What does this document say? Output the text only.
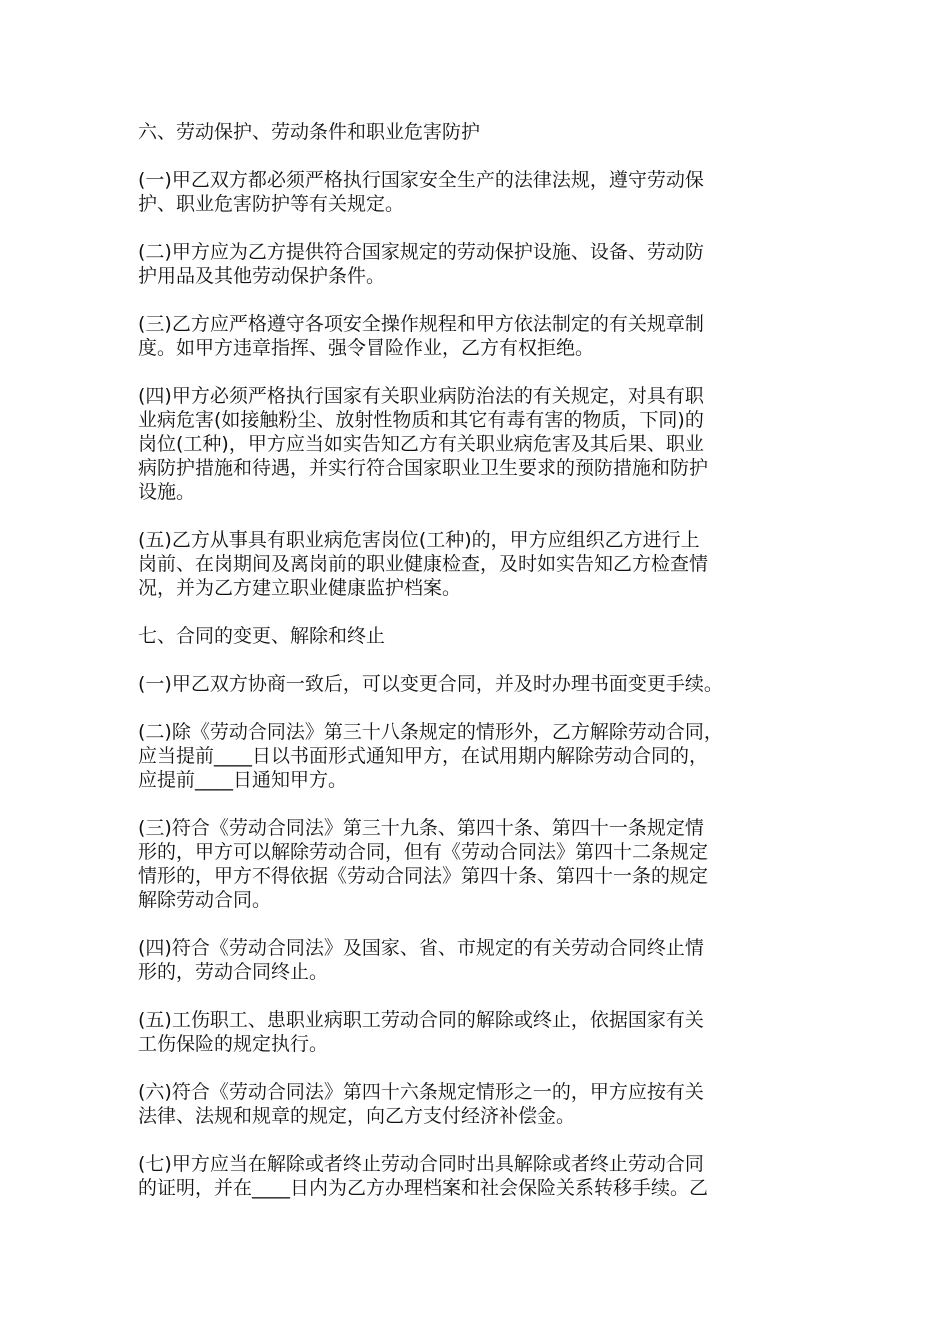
六、劳动保护、劳动条件和职业危害防护

(一)甲乙双方都必须严格执行国家安全生产的法律法规，遵守劳动保
护、职业危害防护等有关规定。

(二)甲方应为乙方提供符合国家规定的劳动保护设施、设备、劳动防
护用品及其他劳动保护条件。

(三)乙方应严格遵守各项安全操作规程和甲方依法制定的有关规章制
度。如甲方违章指挥、强令冒险作业，乙方有权拒绝。

(四)甲方必须严格执行国家有关职业病防治法的有关规定，对具有职
业病危害(如接触粉尘、放射性物质和其它有毒有害的物质，下同)的
岗位(工种)，甲方应当如实告知乙方有关职业病危害及其后果、职业
病防护措施和待遇，并实行符合国家职业卫生要求的预防措施和防护
设施。

(五)乙方从事具有职业病危害岗位(工种)的，甲方应组织乙方进行上
岗前、在岗期间及离岗前的职业健康检查，及时如实告知乙方检查情
况，并为乙方建立职业健康监护档案。

七、合同的变更、解除和终止

(一)甲乙双方协商一致后，可以变更合同，并及时办理书面变更手续。

(二)除《劳动合同法》第三十八条规定的情形外，乙方解除劳动合同，
应当提前____日以书面形式通知甲方，在试用期内解除劳动合同的，
应提前____日通知甲方。

(三)符合《劳动合同法》第三十九条、第四十条、第四十一条规定情
形的，甲方可以解除劳动合同，但有《劳动合同法》第四十二条规定
情形的，甲方不得依据《劳动合同法》第四十条、第四十一条的规定
解除劳动合同。

(四)符合《劳动合同法》及国家、省、市规定的有关劳动合同终止情
形的，劳动合同终止。

(五)工伤职工、患职业病职工劳动合同的解除或终止，依据国家有关
工伤保险的规定执行。

(六)符合《劳动合同法》第四十六条规定情形之一的，甲方应按有关
法律、法规和规章的规定，向乙方支付经济补偿金。

(七)甲方应当在解除或者终止劳动合同时出具解除或者终止劳动合同
的证明，并在____日内为乙方办理档案和社会保险关系转移手续。乙
